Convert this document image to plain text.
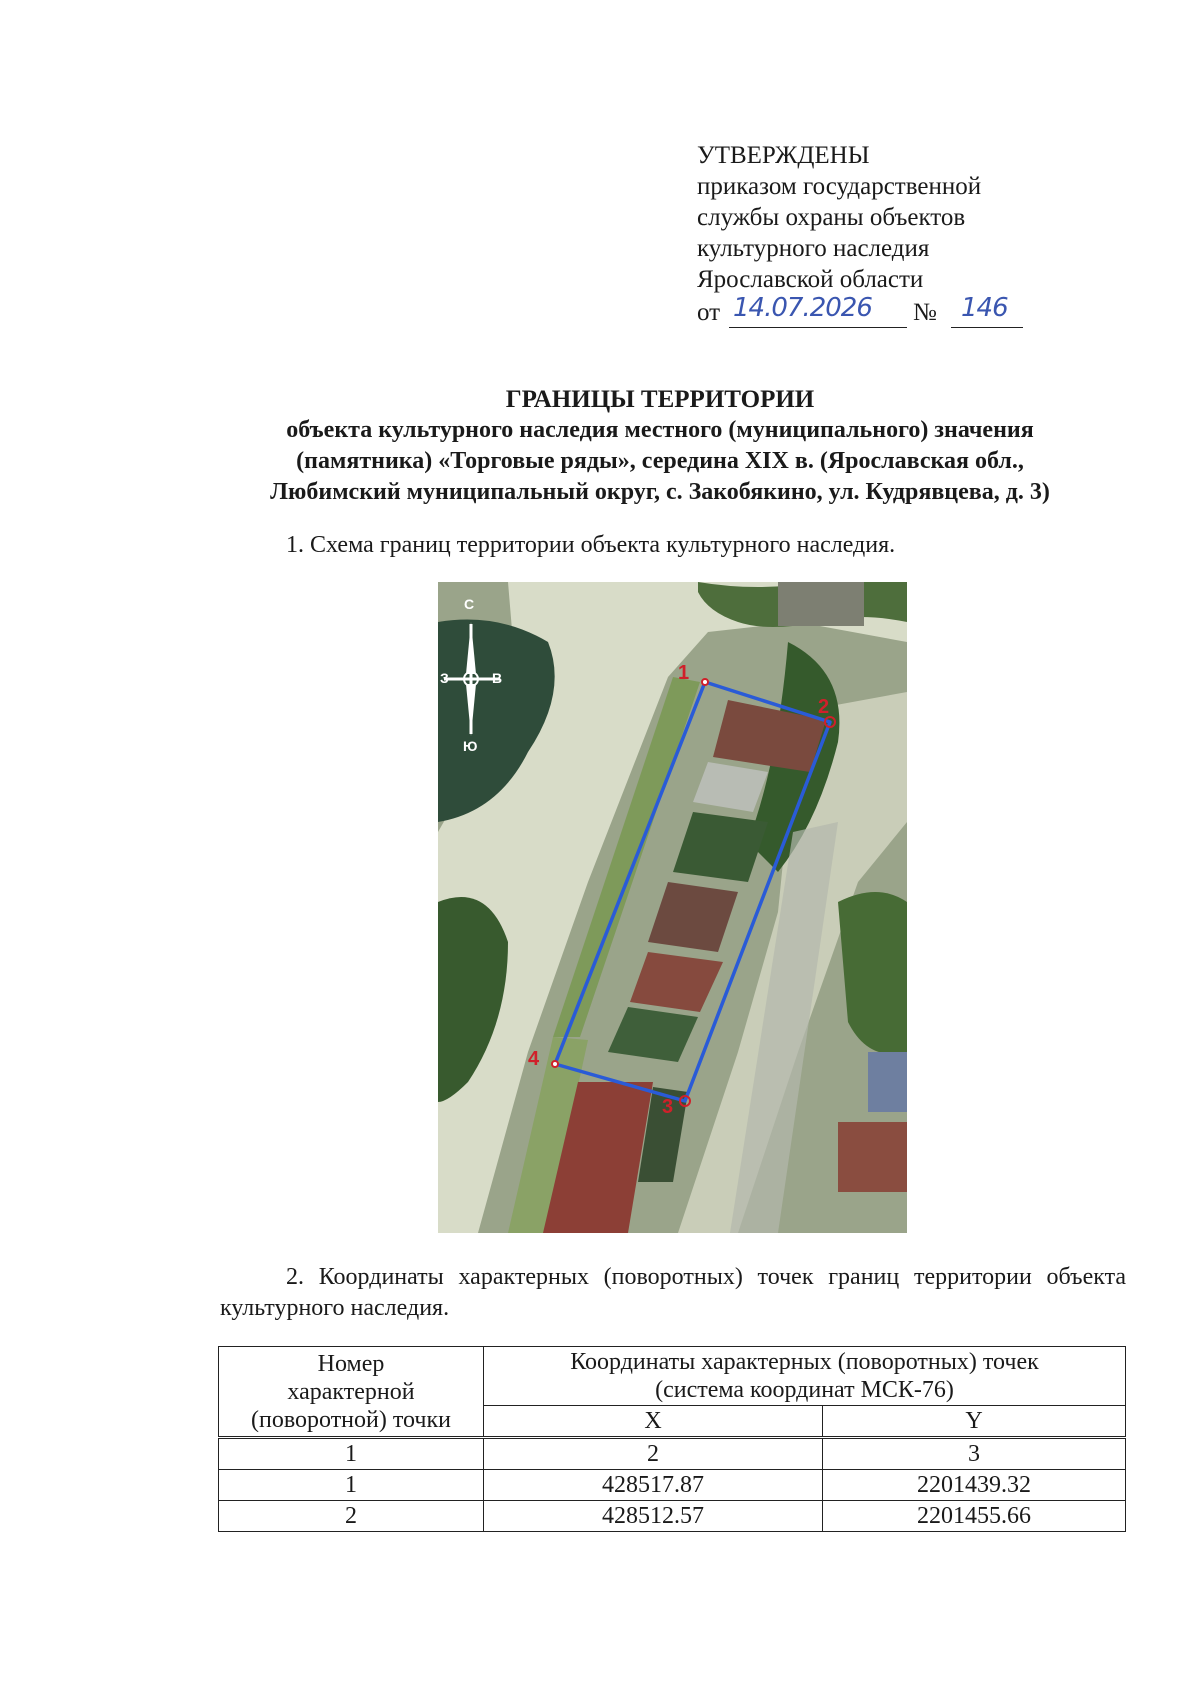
УТВЕРЖДЕНЫ
приказом государственной
службы охраны объектов
культурного наследия
Ярославской области
от 14.07.2026 № 146
ГРАНИЦЫ ТЕРРИТОРИИ
объекта культурного наследия местного (муниципального) значения
(памятника) «Торговые ряды», середина XIX в. (Ярославская обл.,
Любимский муниципальный округ, с. Закобякино, ул. Кудрявцева, д. 3)
1. Схема границ территории объекта культурного наследия.
С
З	В
Ю
1
2
3
4
2. Координаты характерных (поворотных) точек границ территории объекта культурного наследия.
Номер
характерной
(поворотной) точки	Координаты характерных (поворотных) точек
(система координат МСК-76)	
	X	Y
1	2	3
1	428517.87	2201439.32
2	428512.57	2201455.66
